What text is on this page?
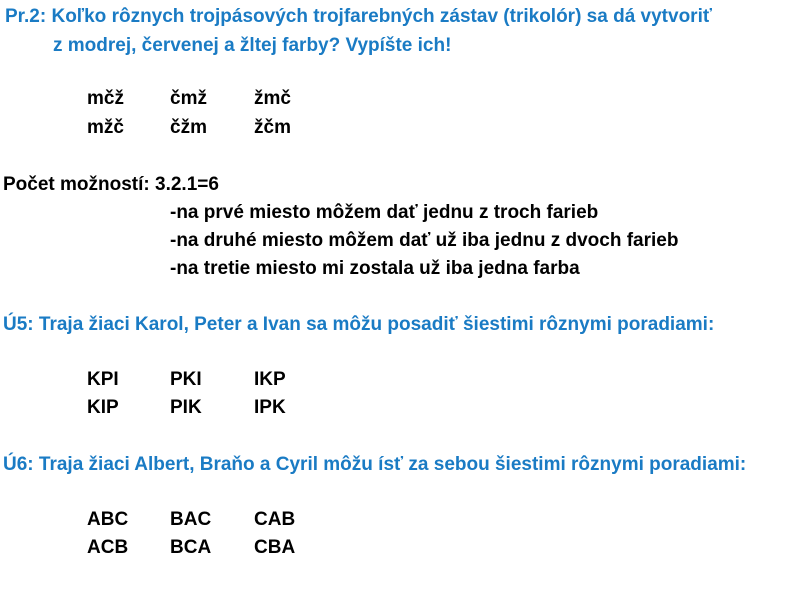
Pr.2: Koľko rôznych trojpásových trojfarebných zástav (trikolór) sa dá vytvoriť
z modrej, červenej a žltej farby? Vypíšte ich!
mčž čmž žmč
mžč čžm žčm
Počet možností: 3.2.1=6
-na prvé miesto môžem dať jednu z troch farieb
-na druhé miesto môžem dať už iba jednu z dvoch farieb
-na tretie miesto mi zostala už iba jedna farba
Ú5: Traja žiaci Karol, Peter a Ivan sa môžu posadiť šiestimi rôznymi poradiami:
KPI	PKI	IKP
KIP	PIK	IPK
Ú6: Traja žiaci Albert, Braňo a Cyril môžu ísť za sebou šiestimi rôznymi poradiami:
ABC BAC CAB
ACB BCA CBA
